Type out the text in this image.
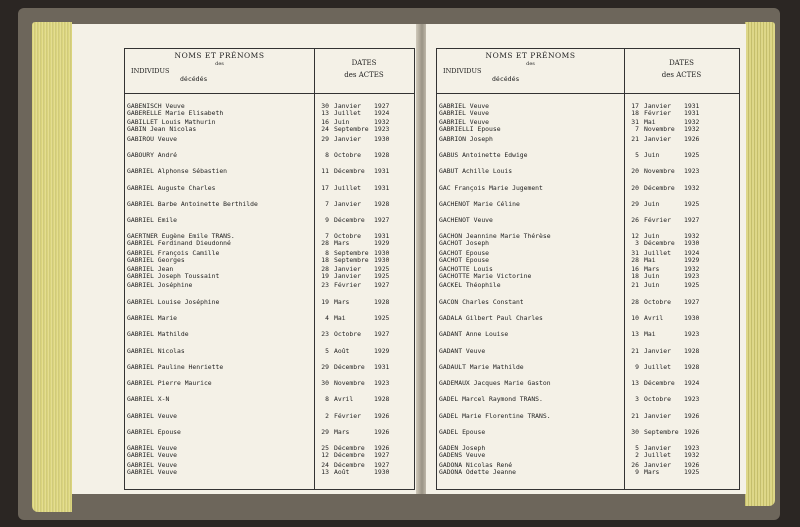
NOMS ET PRÉNOMS
des
INDIVIDUS
décédés
DATES
des ACTES
GABENISCH Veuve	30 Janvier 1927
GABERELLE Marie Elisabeth	13 Juillet 1924
GABILLET Louis Mathurin	16 Juin	1932
GABIN Jean Nicolas	24 Septembre 1923
GABIROU Veuve	29 Janvier 1930
GABOURY André	8 Octobre 1928
GABRIEL Alphonse Sébastien	11 Décembre 1931
GABRIEL Auguste Charles	17 Juillet 1931
GABRIEL Barbe Antoinette Berthilde	7 Janvier 1928
GABRIEL Emile	9 Décembre 1927
GAERTNER Eugène Emile TRANS.	7 Octobre 1931
GABRIEL Ferdinand Dieudonné	28 Mars	1929
GABRIEL François Camille	8 Septembre 1930
GABRIEL Georges	18 Septembre 1930
GABRIEL Jean	28 Janvier 1925
GABRIEL Joseph Toussaint	19 Janvier 1925
GABRIEL Joséphine	23 Février 1927
GABRIEL Louise Joséphine	19 Mars	1928
GABRIEL Marie	4 Mai	1925
GABRIEL Mathilde	23 Octobre 1927
GABRIEL Nicolas	5 Août	1929
GABRIEL Pauline Henriette	29 Décembre 1931
GABRIEL Pierre Maurice	30 Novembre 1923
GABRIEL X-N	8 Avril	1928
GABRIEL Veuve	2 Février 1926
GABRIEL Epouse	29 Mars	1926
GABRIEL Veuve	25 Décembre 1926
GABRIEL Veuve	12 Décembre 1927
GABRIEL Veuve	24 Décembre 1927
GABRIEL Veuve	13 Août	1930
NOMS ET PRÉNOMS
des
INDIVIDUS
décédés
DATES
des ACTES
GABRIEL Veuve	17 Janvier 1931
GABRIEL Veuve	18 Février 1931
GABRIEL Veuve	31 Mai	1932
GABRIELLI Epouse	7 Novembre 1932
GABRION Joseph	21 Janvier 1926
GABUS Antoinette Edwige	5 Juin	1925
GABUT Achille Louis	20 Novembre 1923
GAC François Marie Jugement	20 Décembre 1932
GACHENOT Marie Céline	29 Juin	1925
GACHENOT Veuve	26 Février 1927
GACHON Jeannine Marie Thérèse	12 Juin	1932
GACHOT Joseph	3 Décembre 1930
GACHOT Epouse	31 Juillet 1924
GACHOT Epouse	28 Mai	1929
GACHOTTE Louis	16 Mars	1932
GACHOTTE Marie Victorine	18 Juin	1923
GACKEL Théophile	21 Juin	1925
GACON Charles Constant	28 Octobre 1927
GADALA Gilbert Paul Charles	10 Avril	1930
GADANT Anne Louise	13 Mai	1923
GADANT Veuve	21 Janvier 1928
GADAULT Marie Mathilde	9 Juillet 1928
GADEMAUX Jacques Marie Gaston	13 Décembre 1924
GADEL Marcel Raymond TRANS.	3 Octobre 1923
GADEL Marie Florentine TRANS.	21 Janvier 1926
GADEL Epouse	30 Septembre 1926
GADEN Joseph	5 Janvier 1923
GADENS Veuve	2 Juillet 1932
GADONA Nicolas René	26 Janvier 1926
GADONA Odette Jeanne	9 Mars	1925
